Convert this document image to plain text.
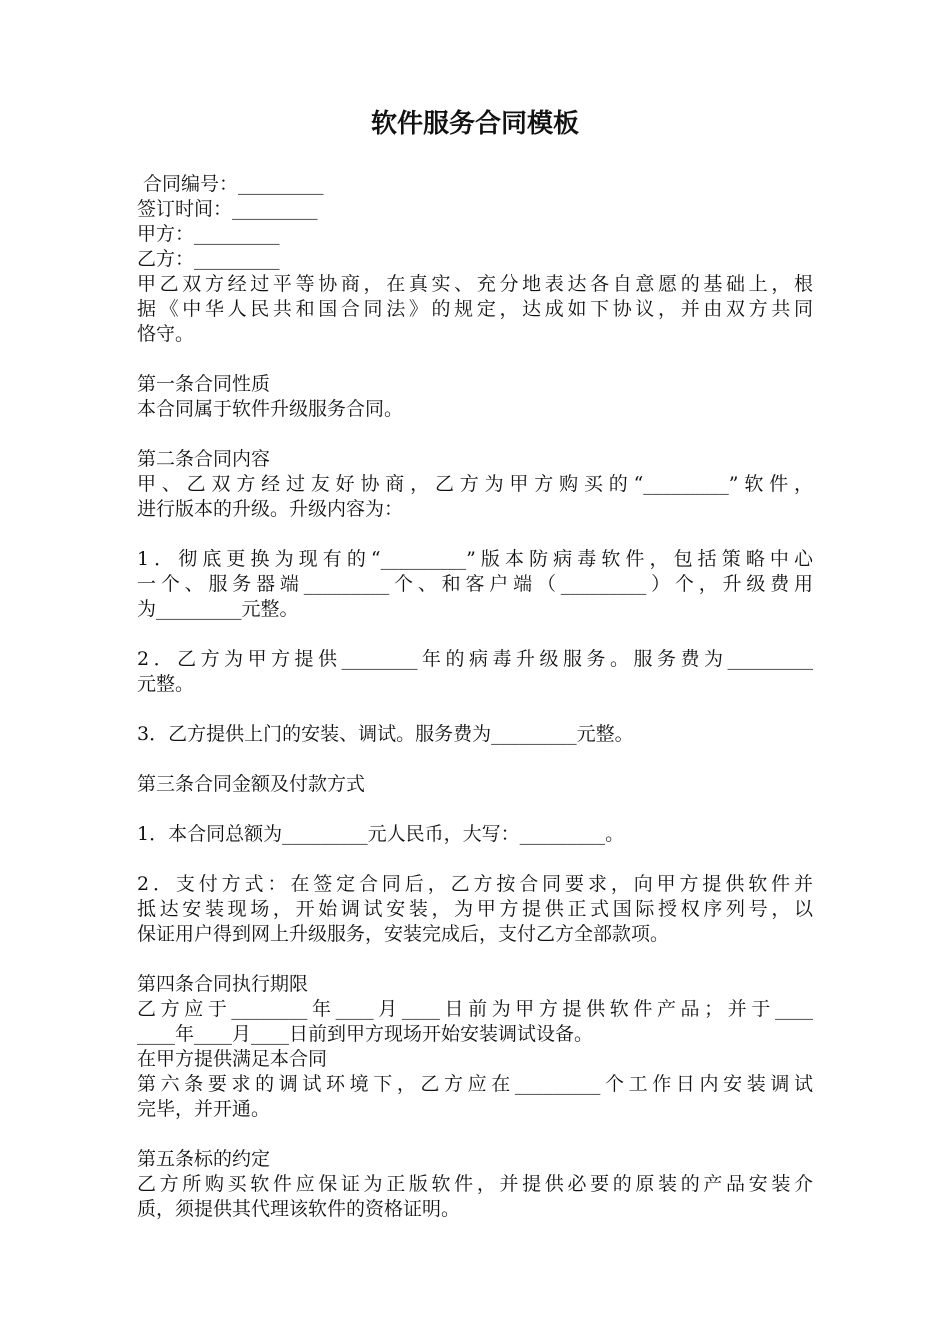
软件服务合同模板

合同编号：_________

签订时间：_________

甲方：_________

乙方：_________

甲乙双方经过平等协商，在真实、充分地表达各自意愿的基础上，根

据《中华人民共和国合同法》的规定，达成如下协议，并由双方共同

恪守。

第一条合同性质

本合同属于软件升级服务合同。

第二条合同内容

甲、乙双方经过友好协商，乙方为甲方购买的“_________”软件，

进行版本的升级。升级内容为：

1．彻底更换为现有的“_________”版本防病毒软件，包括策略中心

一个、服务器端_________个、和客户端（_________）个，升级费用

为_________元整。

2．乙方为甲方提供________年的病毒升级服务。服务费为_________

元整。

3．乙方提供上门的安装、调试。服务费为_________元整。

第三条合同金额及付款方式

1．本合同总额为_________元人民币，大写：_________。

2．支付方式：在签定合同后，乙方按合同要求，向甲方提供软件并

抵达安装现场，开始调试安装，为甲方提供正式国际授权序列号，以

保证用户得到网上升级服务，安装完成后，支付乙方全部款项。

第四条合同执行期限

乙方应于________年____月____日前为甲方提供软件产品；并于____

____年____月____日前到甲方现场开始安装调试设备。

在甲方提供满足本合同

第六条要求的调试环境下，乙方应在_________个工作日内安装调试

完毕，并开通。

第五条标的约定

乙方所购买软件应保证为正版软件，并提供必要的原装的产品安装介

质，须提供其代理该软件的资格证明。
